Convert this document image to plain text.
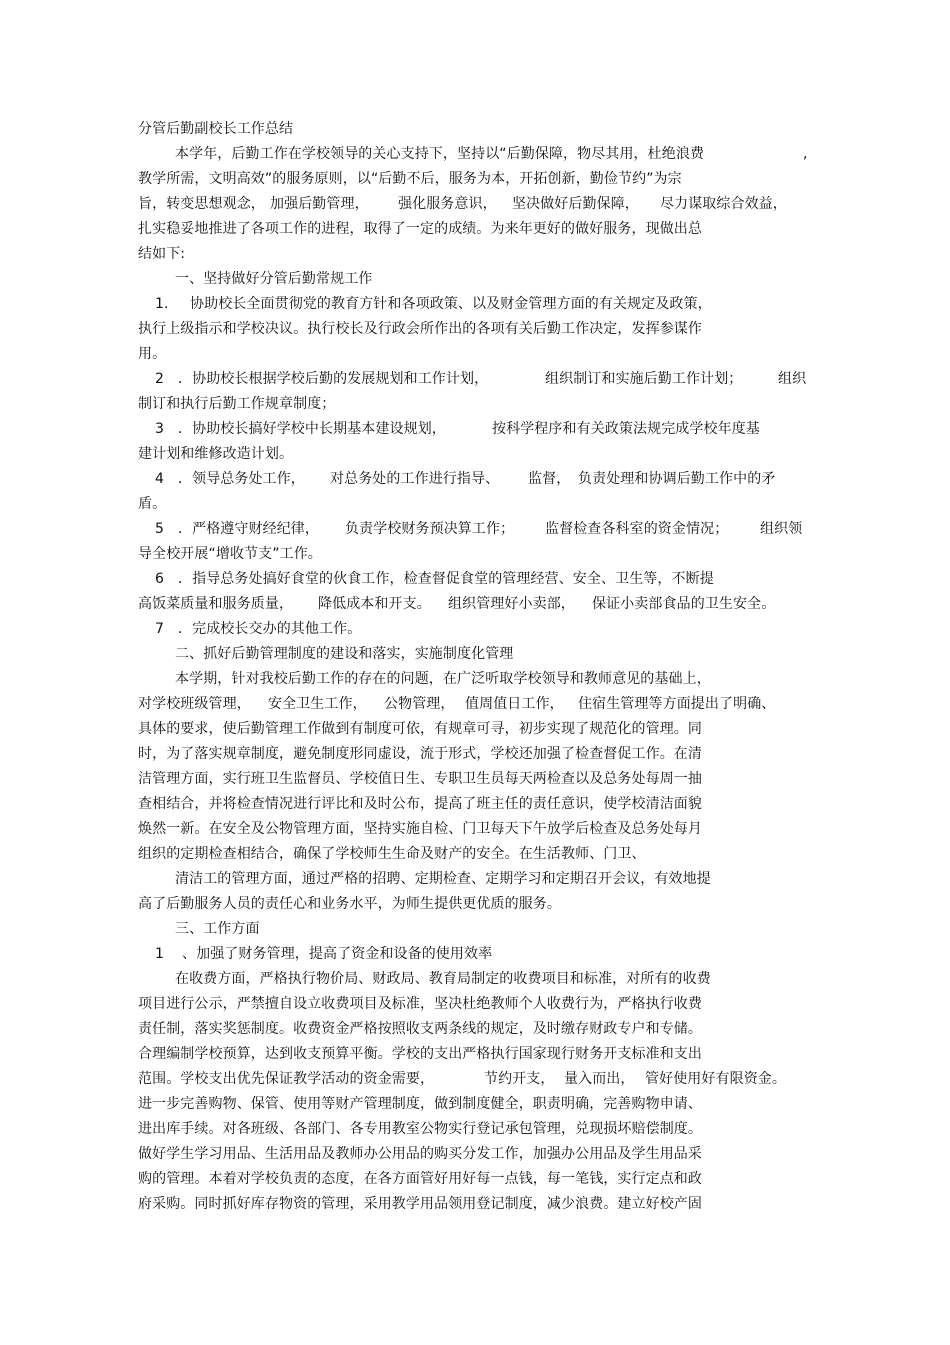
分管后勤副校长工作总结
本学年，后勤工作在学校领导的关心支持下，坚持以“后勤保障，物尽其用，杜绝浪费	,
教学所需，文明高效”的服务原则，以“后勤不后，服务为本，开拓创新，勤俭节约”为宗
旨，转变思想观念， 加强后勤管理， 强化服务意识， 坚决做好后勤保障， 尽力谋取综合效益，
扎实稳妥地推进了各项工作的进程，取得了一定的成绩。为来年更好的做好服务，现做出总
结如下:
一、坚持做好分管后勤常规工作
1. 协助校长全面贯彻党的教育方针和各项政策、以及财金管理方面的有关规定及政策，
执行上级指示和学校决议。执行校长及行政会所作出的各项有关后勤工作决定，发挥参谋作
用。
2 ．协助校长根据学校后勤的发展规划和工作计划，	组织制订和实施后勤工作计划；	组织
制订和执行后勤工作规章制度；
3 ．协助校长搞好学校中长期基本建设规划，	按科学程序和有关政策法规完成学校年度基
建计划和维修改造计划。
4 ．领导总务处工作， 对总务处的工作进行指导、 监督， 负责处理和协调后勤工作中的矛
盾。
5 ．严格遵守财经纪律， 负责学校财务预决算工作； 监督检查各科室的资金情况； 组织领
导全校开展“增收节支”工作。
6 ．指导总务处搞好食堂的伙食工作，检查督促食堂的管理经营、安全、卫生等，不断提
高饭菜质量和服务质量， 降低成本和开支。 组织管理好小卖部， 保证小卖部食品的卫生安全。
7 ．完成校长交办的其他工作。
二、抓好后勤管理制度的建设和落实，实施制度化管理
本学期，针对我校后勤工作的存在的问题，在广泛听取学校领导和教师意见的基础上，
对学校班级管理， 安全卫生工作， 公物管理， 值周值日工作， 住宿生管理等方面提出了明确、
具体的要求，使后勤管理工作做到有制度可依，有规章可寻，初步实现了规范化的管理。同
时，为了落实规章制度，避免制度形同虚设，流于形式，学校还加强了检查督促工作。在清
洁管理方面，实行班卫生监督员、学校值日生、专职卫生员每天两检查以及总务处每周一抽
查相结合，并将检查情况进行评比和及时公布，提高了班主任的责任意识，使学校清洁面貌
焕然一新。在安全及公物管理方面，坚持实施自检、门卫每天下午放学后检查及总务处每月
组织的定期检查相结合，确保了学校师生生命及财产的安全。在生活教师、门卫、
清洁工的管理方面，通过严格的招聘、定期检查、定期学习和定期召开会议，有效地提
高了后勤服务人员的责任心和业务水平，为师生提供更优质的服务。
三、工作方面
1 、加强了财务管理，提高了资金和设备的使用效率
在收费方面，严格执行物价局、财政局、教育局制定的收费项目和标准，对所有的收费
项目进行公示，严禁擅自设立收费项目及标准，坚决杜绝教师个人收费行为，严格执行收费
责任制，落实奖惩制度。收费资金严格按照收支两条线的规定，及时缴存财政专户和专储。
合理编制学校预算，达到收支预算平衡。学校的支出严格执行国家现行财务开支标准和支出
范围。学校支出优先保证教学活动的资金需要，	节约开支， 量入而出， 管好使用好有限资金。
进一步完善购物、保管、使用等财产管理制度，做到制度健全，职责明确，完善购物申请、
进出库手续。对各班级、各部门、各专用教室公物实行登记承包管理，兑现损坏赔偿制度。
做好学生学习用品、生活用品及教师办公用品的购买分发工作，加强办公用品及学生用品采
购的管理。本着对学校负责的态度，在各方面管好用好每一点钱，每一笔钱，实行定点和政
府采购。同时抓好库存物资的管理，采用教学用品领用登记制度，减少浪费。建立好校产固
